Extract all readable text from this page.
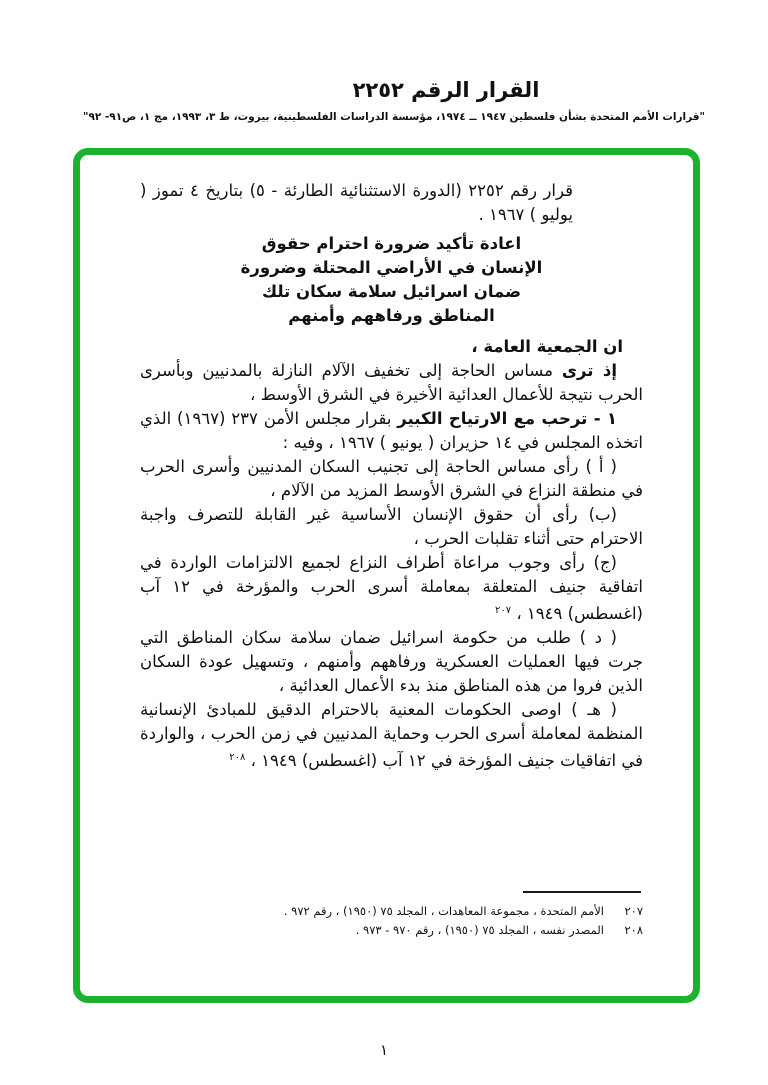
القرار الرقم ٢٢٥٢
"قرارات الأمم المتحدة بشأن فلسطين ١٩٤٧ ــ ١٩٧٤، مؤسسة الدراسات الفلسطينية، بيروت، ط ٣، ١٩٩٣، مج ١، ص٩١- ٩٢"

قرار رقم ٢٢٥٢ (الدورة الاستثنائية الطارئة - ٥) بتاريخ ٤ تموز ( يوليو ) ١٩٦٧ .

اعادة تأكيد ضرورة احترام حقوق
الإنسان في الأراضي المحتلة وضرورة
ضمان اسرائيل سلامة سكان تلك
المناطق ورفاههم وأمنهم

ان الجمعية العامة ،

إذ ترى مساس الحاجة إلى تخفيف الآلام النازلة بالمدنيين وبأسرى الحرب نتيجة للأعمال العدائية الأخيرة في الشرق الأوسط ،

١ - ترحب مع الارتياح الكبير بقرار مجلس الأمن ٢٣٧ (١٩٦٧) الذي اتخذه المجلس في ١٤ حزيران ( يونيو ) ١٩٦٧ ، وفيه :

( أ ) رأى مساس الحاجة إلى تجنيب السكان المدنيين وأسرى الحرب في منطقة النزاع في الشرق الأوسط المزيد من الآلام ،

(ب) رأى أن حقوق الإنسان الأساسية غير القابلة للتصرف واجبة الاحترام حتى أثناء تقلبات الحرب ،

(ج) رأى وجوب مراعاة أطراف النزاع لجميع الالتزامات الواردة في اتفاقية جنيف المتعلقة بمعاملة أسرى الحرب والمؤرخة في ١٢ آب (اغسطس) ١٩٤٩ ، $^{٢٠٧}$

( د ) طلب من حكومة اسرائيل ضمان سلامة سكان المناطق التي جرت فيها العمليات العسكرية ورفاههم وأمنهم ، وتسهيل عودة السكان الذين فروا من هذه المناطق منذ بدء الأعمال العدائية ،

( هـ ) اوصى الحكومات المعنية بالاحترام الدقيق للمبادئ الإنسانية المنظمة لمعاملة أسرى الحرب وحماية المدنيين في زمن الحرب ، والواردة في اتفاقيات جنيف المؤرخة في ١٢ آب (اغسطس) ١٩٤٩ ، $^{٢٠٨}$

٢٠٧
الأمم المتحدة ، مجموعة المعاهدات ، المجلد ٧٥ (١٩٥٠) ، رقم ٩٧٢ .
٢٠٨
المصدر نفسه ، المجلد ٧٥ (١٩٥٠) ، رقم ٩٧٠ - ٩٧٣ .
١
